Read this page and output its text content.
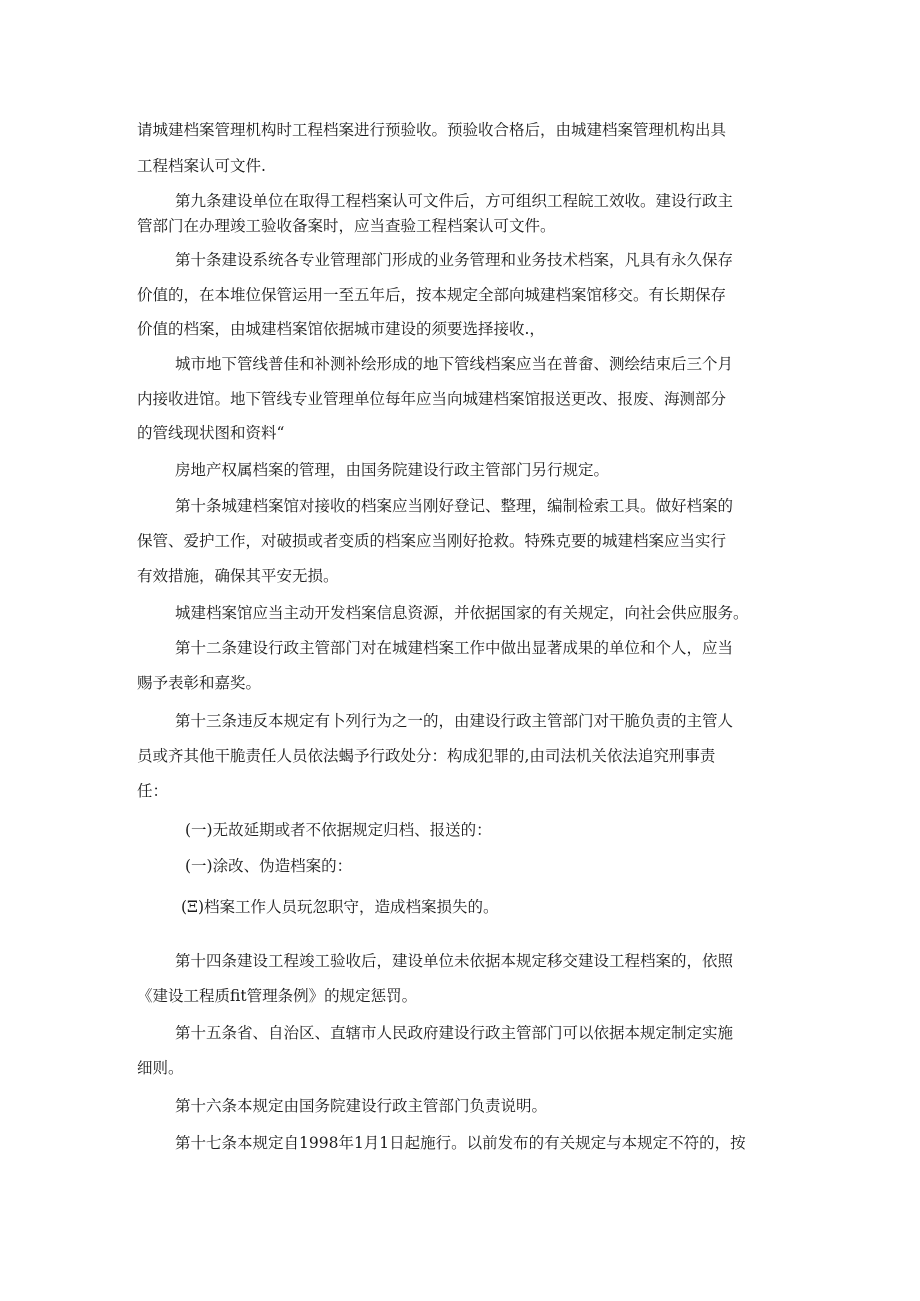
请城建档案管理机构时工程档案进行预验收。预验收合格后，由城建档案管理机构出具

工程档案认可文件.

第九条建设单位在取得工程档案认可文件后，方可组织工程皖工效收。建设行政主

管部门在办理竣工验收备案时，应当查验工程档案认可文件。

第十条建设系统各专业管理部门形成的业务管理和业务技术档案，凡具有永久保存

价值的，在本堆位保管运用一至五年后，按本规定全部向城建档案馆移交。有长期保存

价值的档案，由城建档案馆依据城市建设的须要选择接收.，

城市地下管线普佳和补测补绘形成的地下管线档案应当在普畲、测绘结束后三个月

内接收进馆。地下管线专业管理单位每年应当向城建档案馆报送更改、报废、海测部分

的管线现状图和资料“

房地产权属档案的管理，由国务院建设行政主管部门另行规定。

第十条城建档案馆对接收的档案应当刚好登记、整理，编制检索工具。做好档案的

保管、爱护工作，对破损或者变质的档案应当刚好抢救。特殊克要的城建档案应当实行

有效措施，确保其平安无损。

城建档案馆应当主动开发档案信息资源，并依据国家的有关规定，向社会供应服务。

第十二条建设行政主管部门对在城建档案工作中做出显著成果的单位和个人，应当

赐予表彰和嘉奖。

第十三条违反本规定有卜列行为之一的，由建设行政主管部门对干脆负责的主管人

员或齐其他干脆责任人员依法蝎予行政处分：构成犯罪的,由司法机关依法追究刑事责

任：

(一)无故延期或者不依据规定归档、报送的：

(一)涂改、伪造档案的：

(Ξ)档案工作人员玩忽职守，造成档案损失的。

第十四条建设工程竣工验收后，建设单位未依据本规定移交建设工程档案的，依照

《建设工程质fit管理条例》的规定惩罚。

第十五条省、自治区、直辖市人民政府建设行政主管部门可以依据本规定制定实施

细则。

第十六条本规定由国务院建设行政主管部门负责说明。

第十七条本规定自1998年1月1日起施行。以前发布的有关规定与本规定不符的，按
